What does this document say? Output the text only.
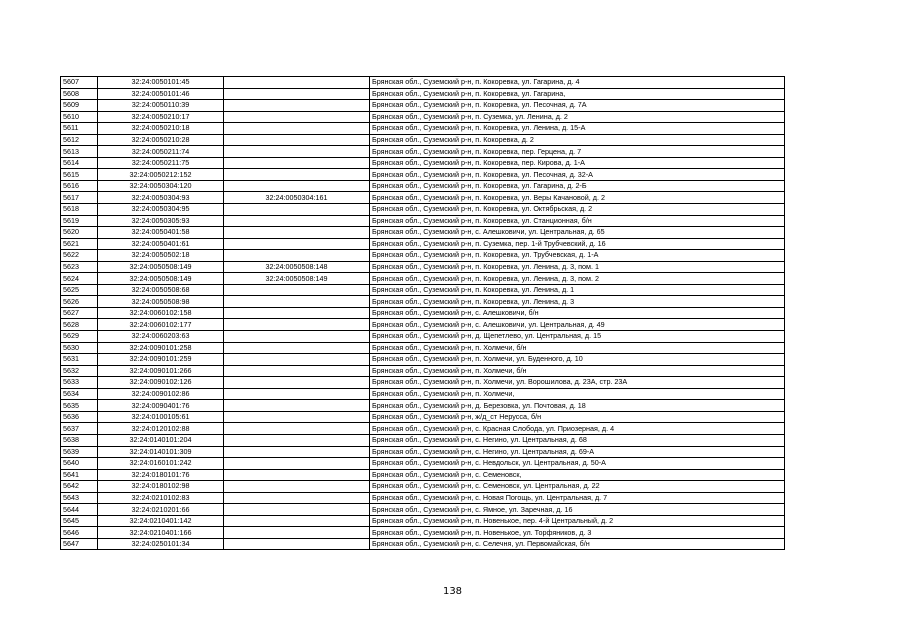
5607	32:24:0050101:45		Брянская обл., Суземский р-н, п. Кокоревка, ул. Гагарина, д. 4
5608	32:24:0050101:46		Брянская обл., Суземский р-н, п. Кокоревка, ул. Гагарина,
5609	32:24:0050110:39		Брянская обл., Суземский р-н, п. Кокоревка, ул. Песочная, д. 7А
5610	32:24:0050210:17		Брянская обл., Суземский р-н, п. Суземка, ул. Ленина, д. 2
5611	32:24:0050210:18		Брянская обл., Суземский р-н, п. Кокоревка, ул. Ленина, д. 15-А
5612	32:24:0050210:28		Брянская обл., Суземский р-н, п. Кокоревка, д. 2
5613	32:24:0050211:74		Брянская обл., Суземский р-н, п. Кокоревка, пер. Герцена, д. 7
5614	32:24:0050211:75		Брянская обл., Суземский р-н, п. Кокоревка, пер. Кирова, д. 1-А
5615	32:24:0050212:152		Брянская обл., Суземский р-н, п. Кокоревка, ул. Песочная, д. 32-А
5616	32:24:0050304:120		Брянская обл., Суземский р-н, п. Кокоревка, ул. Гагарина, д. 2-Б
5617	32:24:0050304:93	32:24:0050304:161	Брянская обл., Суземский р-н, п. Кокоревка, ул. Веры Качановой, д. 2
5618	32:24:0050304:95		Брянская обл., Суземский р-н, п. Кокоревка, ул. Октябрьская, д. 2
5619	32:24:0050305:93		Брянская обл., Суземский р-н, п. Кокоревка, ул. Станционная, б/н
5620	32:24:0050401:58		Брянская обл., Суземский р-н, с. Алешковичи, ул. Центральная, д. 65
5621	32:24:0050401:61		Брянская обл., Суземский р-н, п. Суземка, пер. 1-й Трубчевский, д. 16
5622	32:24:0050502:18		Брянская обл., Суземский р-н, п. Кокоревка, ул. Трубчевская, д. 1-А
5623	32:24:0050508:149	32:24:0050508:148	Брянская обл., Суземский р-н, п. Кокоревка, ул. Ленина, д. 3, пом. 1
5624	32:24:0050508:149	32:24:0050508:149	Брянская обл., Суземский р-н, п. Кокоревка, ул. Ленина, д. 3, пом. 2
5625	32:24:0050508:68		Брянская обл., Суземский р-н, п. Кокоревка, ул. Ленина, д. 1
5626	32:24:0050508:98		Брянская обл., Суземский р-н, п. Кокоревка, ул. Ленина, д. 3
5627	32:24:0060102:158		Брянская обл., Суземский р-н, с. Алешковичи, б/н
5628	32:24:0060102:177		Брянская обл., Суземский р-н, с. Алешковичи, ул. Центральная, д. 49
5629	32:24:0060203:63		Брянская обл., Суземский р-н, д. Щепетлево, ул. Центральная, д. 15
5630	32:24:0090101:258		Брянская обл., Суземский р-н, п. Холмечи, б/н
5631	32:24:0090101:259		Брянская обл., Суземский р-н, п. Холмечи, ул. Буденного, д. 10
5632	32:24:0090101:266		Брянская обл., Суземский р-н, п. Холмечи, б/н
5633	32:24:0090102:126		Брянская обл., Суземский р-н, п. Холмечи, ул. Ворошилова, д. 23А, стр. 23А
5634	32:24:0090102:86		Брянская обл., Суземский р-н, п. Холмечи,
5635	32:24:0090401:76		Брянская обл., Суземский р-н, д. Березовка, ул. Почтовая, д. 18
5636	32:24:0100105:61		Брянская обл., Суземский р-н, ж/д_ст Нерусса, б/н
5637	32:24:0120102:88		Брянская обл., Суземский р-н, с. Красная Слобода, ул. Приозерная, д. 4
5638	32:24:0140101:204		Брянская обл., Суземский р-н, с. Негино, ул. Центральная, д. 68
5639	32:24:0140101:309		Брянская обл., Суземский р-н, с. Негино, ул. Центральная, д. 69-А
5640	32:24:0160101:242		Брянская обл., Суземский р-н, с. Невдольск, ул. Центральная, д. 50-А
5641	32:24:0180101:76		Брянская обл., Суземский р-н, с. Семеновск,
5642	32:24:0180102:98		Брянская обл., Суземский р-н, с. Семеновск, ул. Центральная, д. 22
5643	32:24:0210102:83		Брянская обл., Суземский р-н, с. Новая Погощь, ул. Центральная, д. 7
5644	32:24:0210201:66		Брянская обл., Суземский р-н, с. Ямное, ул. Заречная, д. 16
5645	32:24:0210401:142		Брянская обл., Суземский р-н, п. Новенькое, пер. 4-й Центральный, д. 2
5646	32:24:0210401:166		Брянская обл., Суземский р-н, п. Новенькое, ул. Торфяников, д. 3
5647	32:24:0250101:34		Брянская обл., Суземский р-н, с. Селечня, ул. Первомайская, б/н
138
